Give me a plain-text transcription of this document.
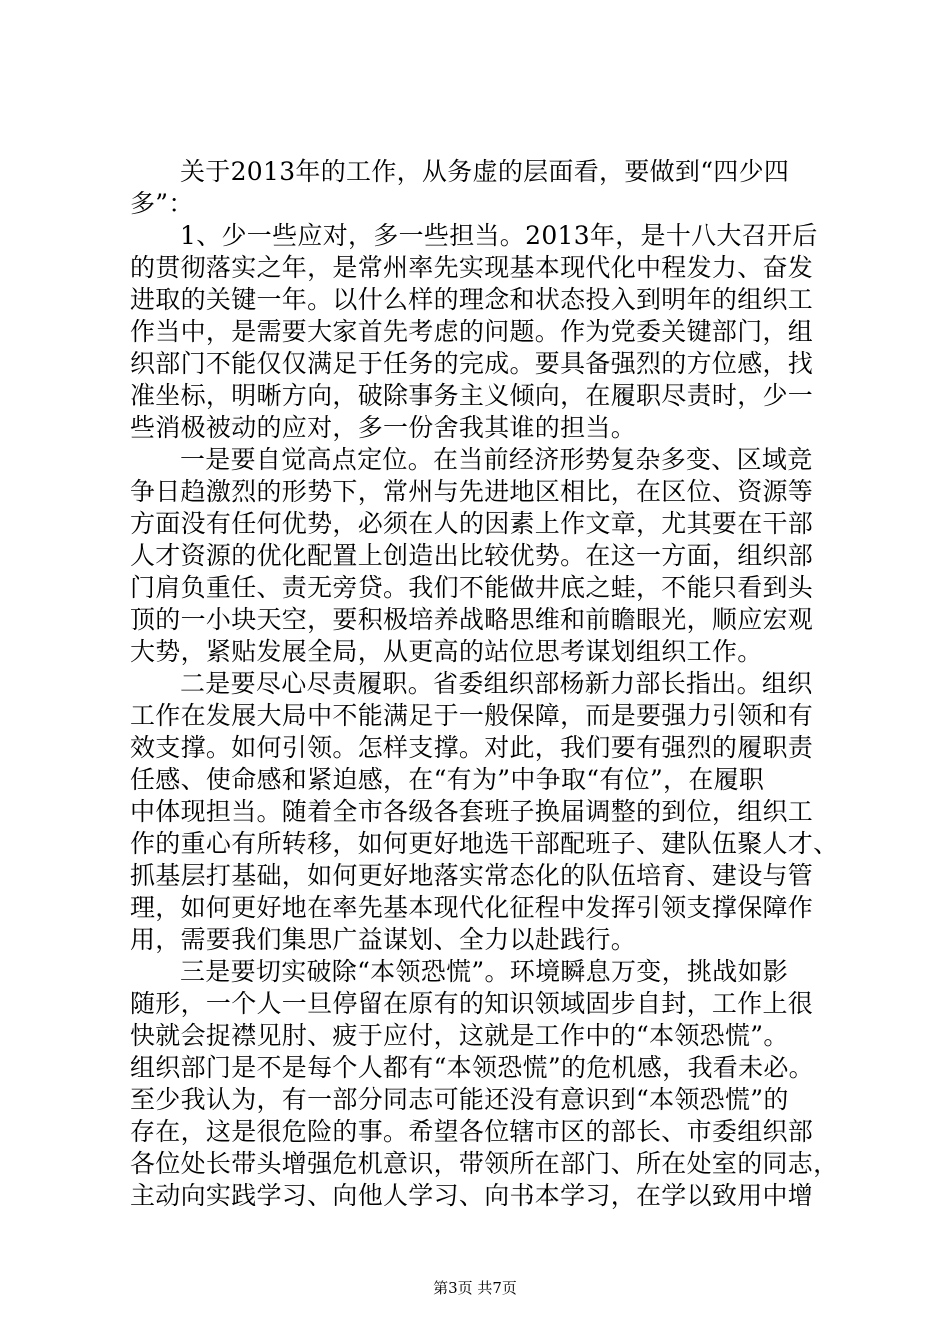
关于2013年的工作，从务虚的层面看，要做到“四少四

多”：

1、少一些应对，多一些担当。2013年，是十八大召开后

的贯彻落实之年，是常州率先实现基本现代化中程发力、奋发

进取的关键一年。以什么样的理念和状态投入到明年的组织工

作当中，是需要大家首先考虑的问题。作为党委关键部门，组

织部门不能仅仅满足于任务的完成。要具备强烈的方位感，找

准坐标，明晰方向，破除事务主义倾向，在履职尽责时，少一

些消极被动的应对，多一份舍我其谁的担当。

一是要自觉高点定位。在当前经济形势复杂多变、区域竞

争日趋激烈的形势下，常州与先进地区相比，在区位、资源等

方面没有任何优势，必须在人的因素上作文章，尤其要在干部

人才资源的优化配置上创造出比较优势。在这一方面，组织部

门肩负重任、责无旁贷。我们不能做井底之蛙，不能只看到头

顶的一小块天空，要积极培养战略思维和前瞻眼光，顺应宏观

大势，紧贴发展全局，从更高的站位思考谋划组织工作。

二是要尽心尽责履职。省委组织部杨新力部长指出。组织

工作在发展大局中不能满足于一般保障，而是要强力引领和有

效支撑。如何引领。怎样支撑。对此，我们要有强烈的履职责

任感、使命感和紧迫感，在“有为”中争取“有位”，在履职

中体现担当。随着全市各级各套班子换届调整的到位，组织工

作的重心有所转移，如何更好地选干部配班子、建队伍聚人才、

抓基层打基础，如何更好地落实常态化的队伍培育、建设与管

理，如何更好地在率先基本现代化征程中发挥引领支撑保障作

用，需要我们集思广益谋划、全力以赴践行。

三是要切实破除“本领恐慌”。环境瞬息万变，挑战如影

随形，一个人一旦停留在原有的知识领域固步自封，工作上很

快就会捉襟见肘、疲于应付，这就是工作中的“本领恐慌”。

组织部门是不是每个人都有“本领恐慌”的危机感，我看未必。

至少我认为，有一部分同志可能还没有意识到“本领恐慌”的

存在，这是很危险的事。希望各位辖市区的部长、市委组织部

各位处长带头增强危机意识，带领所在部门、所在处室的同志，

主动向实践学习、向他人学习、向书本学习，在学以致用中增

第3页 共7页
